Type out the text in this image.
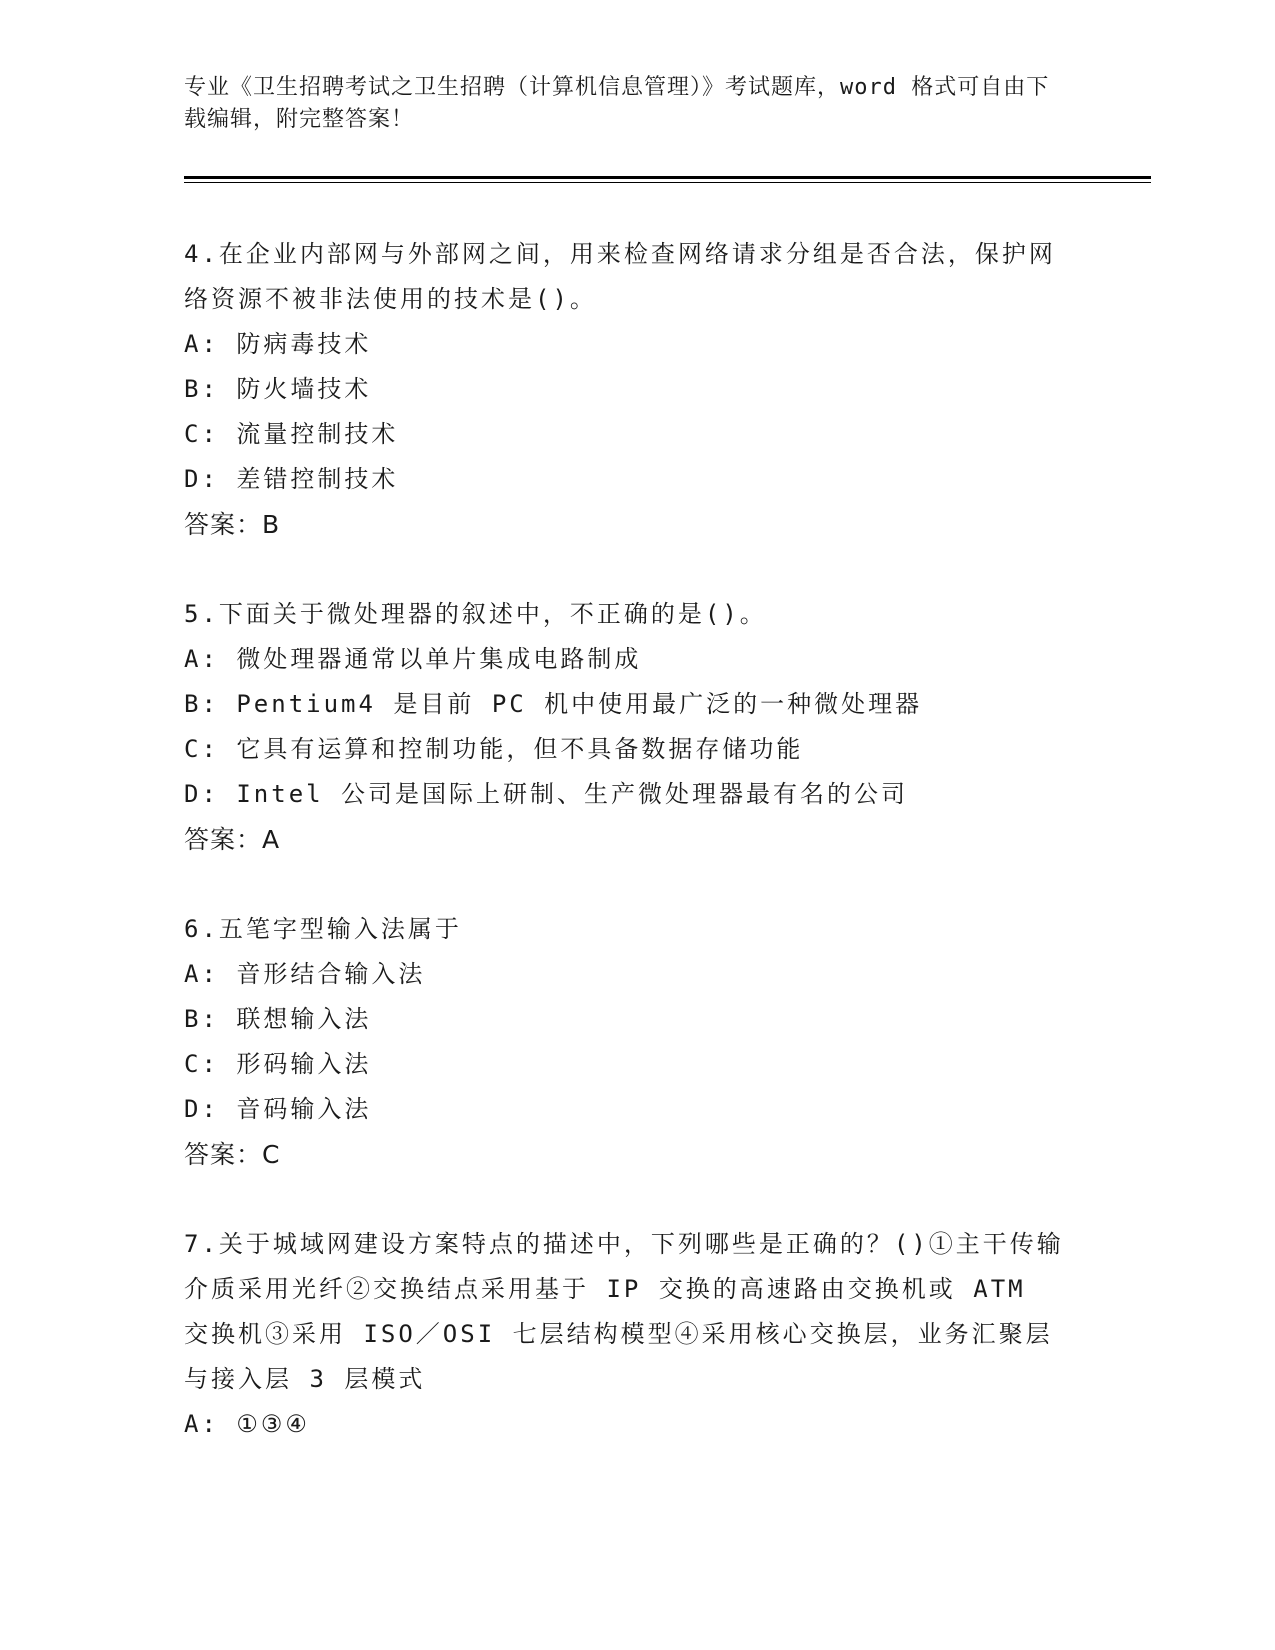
专业《卫生招聘考试之卫生招聘（计算机信息管理）》考试题库，word 格式可自由下载编辑，附完整答案！
4.在企业内部网与外部网之间，用来检查网络请求分组是否合法，保护网络资源不被非法使用的技术是()。
A: 防病毒技术
B: 防火墙技术
C: 流量控制技术
D: 差错控制技术
答案：B
5.下面关于微处理器的叙述中，不正确的是()。
A: 微处理器通常以单片集成电路制成
B: Pentium4 是目前 PC 机中使用最广泛的一种微处理器
C: 它具有运算和控制功能，但不具备数据存储功能
D: Intel 公司是国际上研制、生产微处理器最有名的公司
答案：A
6.五笔字型输入法属于
A: 音形结合输入法
B: 联想输入法
C: 形码输入法
D: 音码输入法
答案：C
7.关于城域网建设方案特点的描述中，下列哪些是正确的？()①主干传输介质采用光纤②交换结点采用基于 IP 交换的高速路由交换机或 ATM 交换机③采用 ISO／OSI 七层结构模型④采用核心交换层，业务汇聚层与接入层 3 层模式
A: ①③④
